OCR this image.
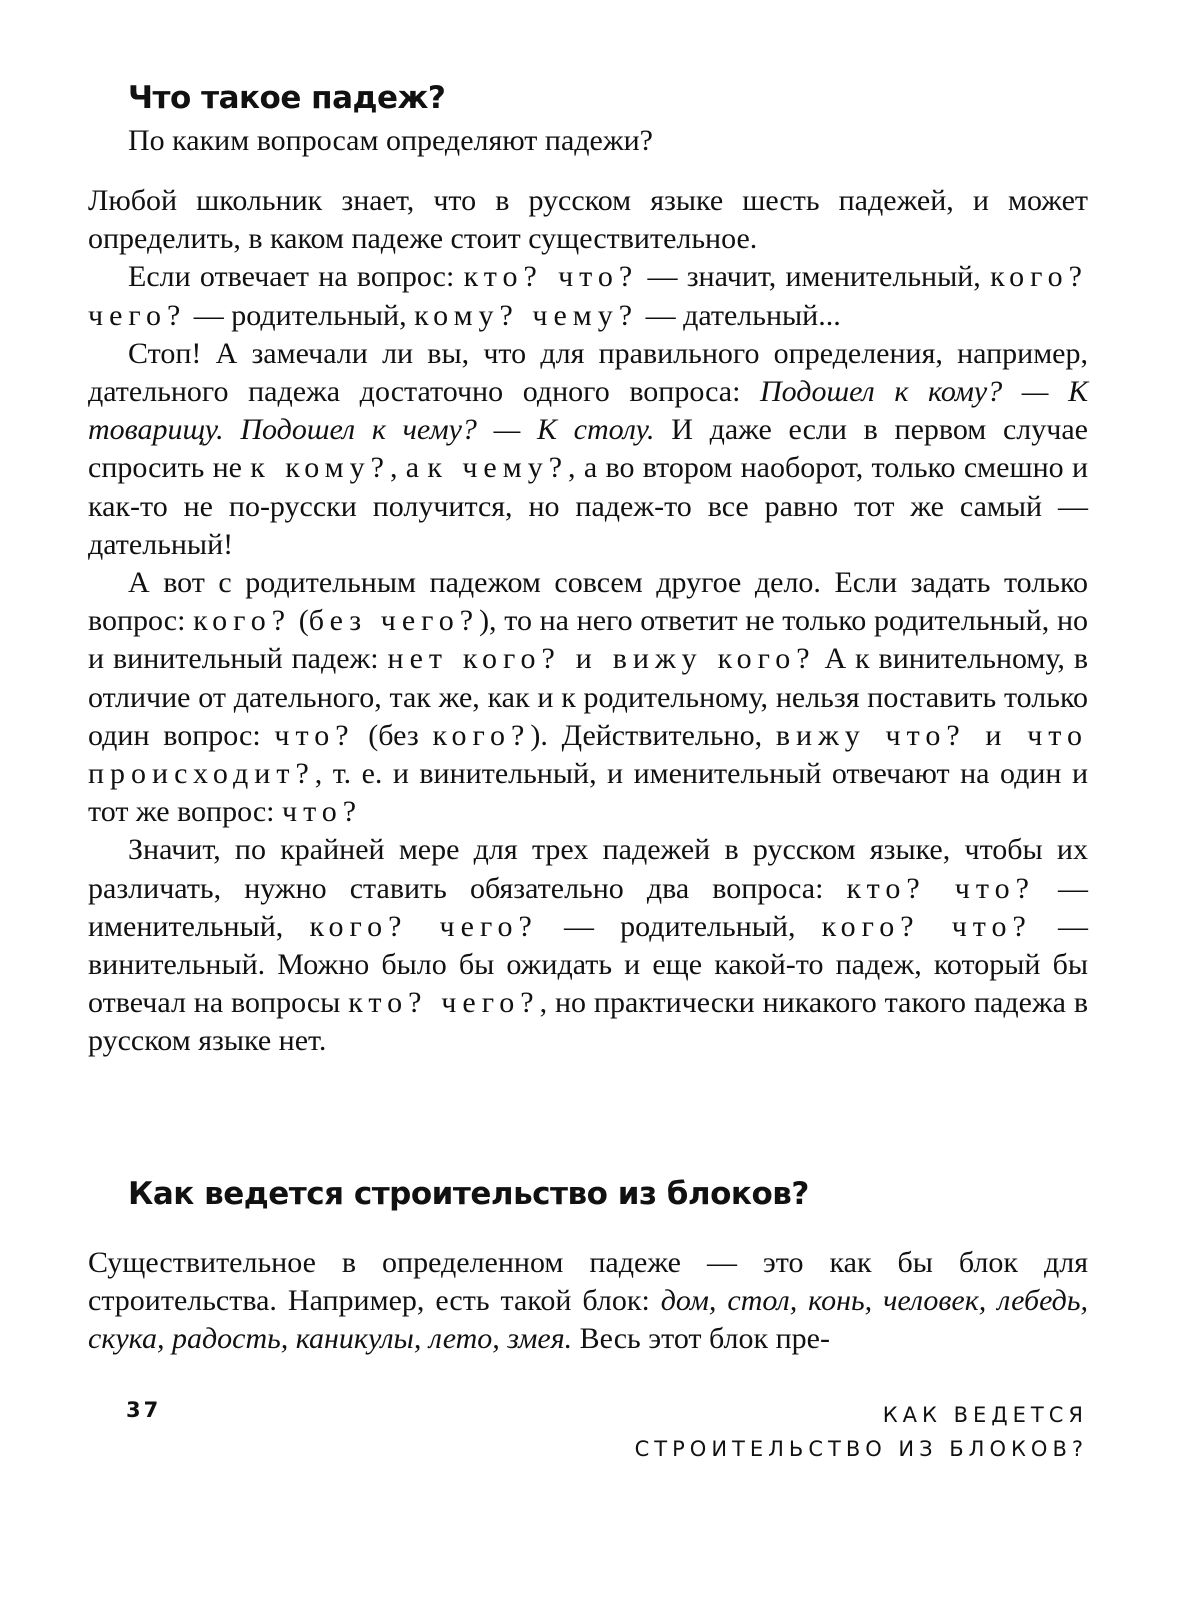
Что такое падеж?
По каким вопросам определяют падежи?

Любой школьник знает, что в русском языке шесть падежей, и может определить, в каком падеже стоит существительное.

Если отвечает на вопрос: кто? что? — значит, именительный, кого? чего? — родительный, кому? чему? — дательный...

Стоп! А замечали ли вы, что для правильного определения, например, дательного падежа достаточно одного вопроса: Подошел к кому? — К товарищу. Подошел к чему? — К столу. И даже если в первом случае спросить не к кому?, а к чему?, а во втором наоборот, только смешно и как-то не по-русски получится, но падеж-то все равно тот же самый — дательный!

А вот с родительным падежом совсем другое дело. Если задать только вопрос: кого? (без чего?), то на него ответит не только родительный, но и винительный падеж: нет кого? и вижу кого? А к винительному, в отличие от дательного, так же, как и к родительному, нельзя поставить только один вопрос: что? (без кого?). Действительно, вижу что? и что происходит?, т. е. и винительный, и именительный отвечают на один и тот же вопрос: что?

Значит, по крайней мере для трех падежей в русском языке, чтобы их различать, нужно ставить обязательно два вопроса: кто? что? — именительный, кого? чего? — родительный, кого? что? — винительный. Можно было бы ожидать и еще какой-то падеж, который бы отвечал на вопросы кто? чего?, но практически никакого такого падежа в русском языке нет.

Как ведется строительство из блоков?

Существительное в определенном падеже — это как бы блок для строительства. Например, есть такой блок: дом, стол, конь, человек, лебедь, скука, радость, каникулы, лето, змея. Весь этот блок пре-

37	КАК ВЕДЕТСЯ
СТРОИТЕЛЬСТВО ИЗ БЛОКОВ?
